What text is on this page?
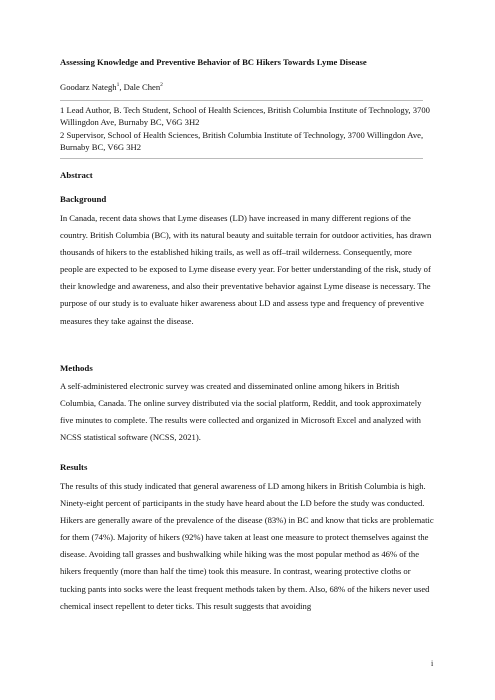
Assessing Knowledge and Preventive Behavior of BC Hikers Towards Lyme Disease
Goodarz Nategh$^1$, Dale Chen$^2$
1 Lead Author, B. Tech Student, School of Health Sciences, British Columbia Institute of Technology, 3700 Willingdon Ave, Burnaby BC, V6G 3H2
2 Supervisor, School of Health Sciences, British Columbia Institute of Technology, 3700 Willingdon Ave, Burnaby BC, V6G 3H2
Abstract
Background
In Canada, recent data shows that Lyme diseases (LD) have increased in many different regions of the country. British Columbia (BC), with its natural beauty and suitable terrain for outdoor activities, has drawn thousands of hikers to the established hiking trails, as well as off–trail wilderness. Consequently, more people are expected to be exposed to Lyme disease every year. For better understanding of the risk, study of their knowledge and awareness, and also their preventative behavior against Lyme disease is necessary. The purpose of our study is to evaluate hiker awareness about LD and assess type and frequency of preventive measures they take against the disease.
Methods
A self-administered electronic survey was created and disseminated online among hikers in British Columbia, Canada. The online survey distributed via the social platform, Reddit, and took approximately five minutes to complete. The results were collected and organized in Microsoft Excel and analyzed with NCSS statistical software (NCSS, 2021).
Results
The results of this study indicated that general awareness of LD among hikers in British Columbia is high. Ninety-eight percent of participants in the study have heard about the LD before the study was conducted. Hikers are generally aware of the prevalence of the disease (83%) in BC and know that ticks are problematic for them (74%). Majority of hikers (92%) have taken at least one measure to protect themselves against the disease. Avoiding tall grasses and bushwalking while hiking was the most popular method as 46% of the hikers frequently (more than half the time) took this measure. In contrast, wearing protective cloths or tucking pants into socks were the least frequent methods taken by them. Also, 68% of the hikers never used chemical insect repellent to deter ticks. This result suggests that avoiding
i
